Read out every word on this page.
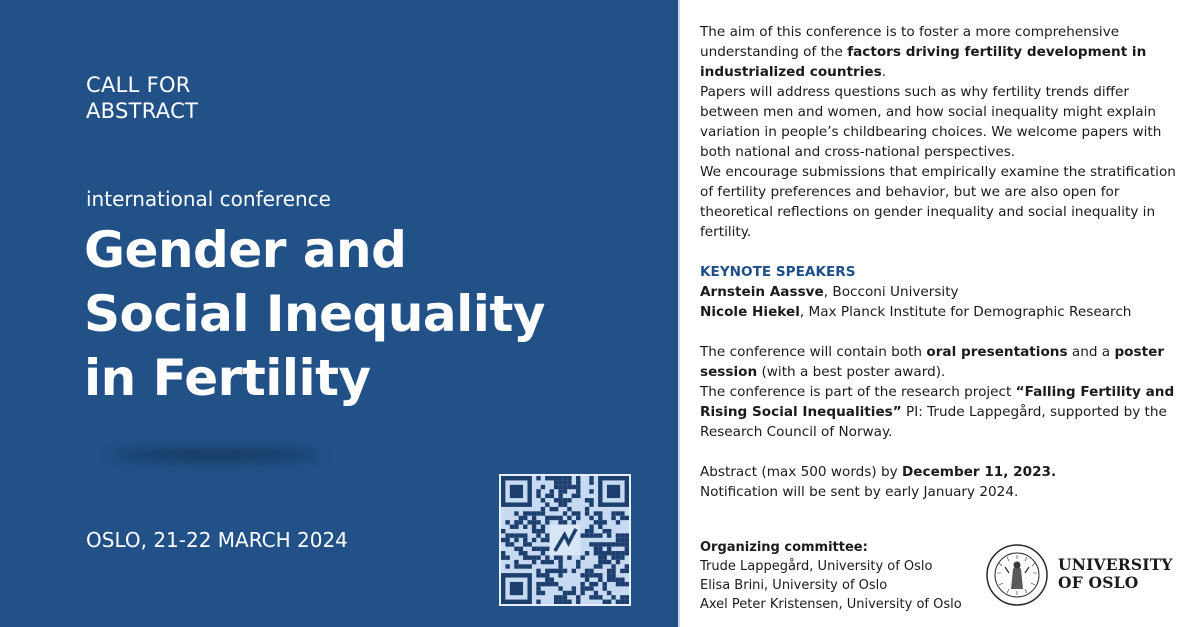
CALL FOR
ABSTRACT
international conference
Gender and
Social Inequality
in Fertility
OSLO, 21-22 MARCH 2024

The aim of this conference is to foster a more comprehensive understanding of the factors driving fertility development in industrialized countries.

Papers will address questions such as why fertility trends differ between men and women, and how social inequality might explain variation in people’s childbearing choices. We welcome papers with both national and cross-national perspectives.

We encourage submissions that empirically examine the stratification of fertility preferences and behavior, but we are also open for theoretical reflections on gender inequality and social inequality in fertility.

KEYNOTE SPEAKERS

Arnstein Aassve, Bocconi University

Nicole Hiekel, Max Planck Institute for Demographic Research

The conference will contain both oral presentations and a poster session (with a best poster award).

The conference is part of the research project “Falling Fertility and Rising Social Inequalities” PI: Trude Lappegård, supported by the Research Council of Norway.

Abstract (max 500 words) by December 11, 2023.

Notification will be sent by early January 2024.

Organizing committee:
Trude Lappegård, University of Oslo
Elisa Brini, University of Oslo
Axel Peter Kristensen, University of Oslo
UNIVERSITY
OF OSLO
